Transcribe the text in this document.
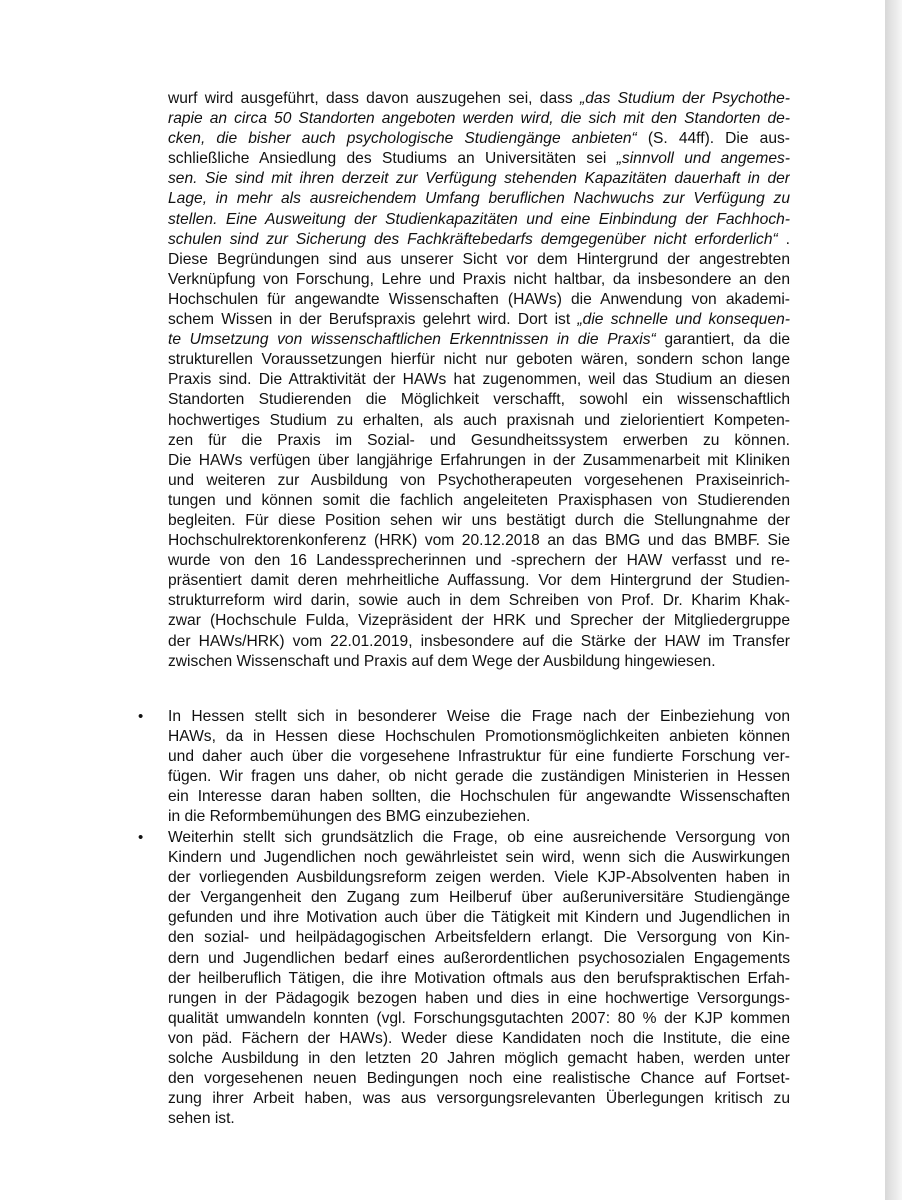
wurf wird ausgeführt, dass davon auszugehen sei, dass „das Studium der Psychothe-
rapie an circa 50 Standorten angeboten werden wird, die sich mit den Standorten de-
cken, die bisher auch psychologische Studiengänge anbieten“ (S. 44ff). Die aus-
schließliche Ansiedlung des Studiums an Universitäten sei „sinnvoll und angemes-
sen. Sie sind mit ihren derzeit zur Verfügung stehenden Kapazitäten dauerhaft in der
Lage, in mehr als ausreichendem Umfang beruflichen Nachwuchs zur Verfügung zu
stellen. Eine Ausweitung der Studienkapazitäten und eine Einbindung der Fachhoch-
schulen sind zur Sicherung des Fachkräftebedarfs demgegenüber nicht erforderlich“ .
Diese Begründungen sind aus unserer Sicht vor dem Hintergrund der angestrebten
Verknüpfung von Forschung, Lehre und Praxis nicht haltbar, da insbesondere an den
Hochschulen für angewandte Wissenschaften (HAWs) die Anwendung von akademi-
schem Wissen in der Berufspraxis gelehrt wird. Dort ist „die schnelle und konsequen-
te Umsetzung von wissenschaftlichen Erkenntnissen in die Praxis“ garantiert, da die
strukturellen Voraussetzungen hierfür nicht nur geboten wären, sondern schon lange
Praxis sind. Die Attraktivität der HAWs hat zugenommen, weil das Studium an diesen
Standorten Studierenden die Möglichkeit verschafft, sowohl ein wissenschaftlich
hochwertiges Studium zu erhalten, als auch praxisnah und zielorientiert Kompeten-
zen für die Praxis im Sozial- und Gesundheitssystem erwerben zu können.
Die HAWs verfügen über langjährige Erfahrungen in der Zusammenarbeit mit Kliniken
und weiteren zur Ausbildung von Psychotherapeuten vorgesehenen Praxiseinrich-
tungen und können somit die fachlich angeleiteten Praxisphasen von Studierenden
begleiten. Für diese Position sehen wir uns bestätigt durch die Stellungnahme der
Hochschulrektorenkonferenz (HRK) vom 20.12.2018 an das BMG und das BMBF. Sie
wurde von den 16 Landessprecherinnen und -sprechern der HAW verfasst und re-
präsentiert damit deren mehrheitliche Auffassung. Vor dem Hintergrund der Studien-
strukturreform wird darin, sowie auch in dem Schreiben von Prof. Dr. Kharim Khak-
zwar (Hochschule Fulda, Vizepräsident der HRK und Sprecher der Mitgliedergruppe
der HAWs/HRK) vom 22.01.2019, insbesondere auf die Stärke der HAW im Transfer
zwischen Wissenschaft und Praxis auf dem Wege der Ausbildung hingewiesen.
• In Hessen stellt sich in besonderer Weise die Frage nach der Einbeziehung von
HAWs, da in Hessen diese Hochschulen Promotionsmöglichkeiten anbieten können
und daher auch über die vorgesehene Infrastruktur für eine fundierte Forschung ver-
fügen. Wir fragen uns daher, ob nicht gerade die zuständigen Ministerien in Hessen
ein Interesse daran haben sollten, die Hochschulen für angewandte Wissenschaften
in die Reformbemühungen des BMG einzubeziehen.
• Weiterhin stellt sich grundsätzlich die Frage, ob eine ausreichende Versorgung von
Kindern und Jugendlichen noch gewährleistet sein wird, wenn sich die Auswirkungen
der vorliegenden Ausbildungsreform zeigen werden. Viele KJP-Absolventen haben in
der Vergangenheit den Zugang zum Heilberuf über außeruniversitäre Studiengänge
gefunden und ihre Motivation auch über die Tätigkeit mit Kindern und Jugendlichen in
den sozial- und heilpädagogischen Arbeitsfeldern erlangt. Die Versorgung von Kin-
dern und Jugendlichen bedarf eines außerordentlichen psychosozialen Engagements
der heilberuflich Tätigen, die ihre Motivation oftmals aus den berufspraktischen Erfah-
rungen in der Pädagogik bezogen haben und dies in eine hochwertige Versorgungs-
qualität umwandeln konnten (vgl. Forschungsgutachten 2007: 80 % der KJP kommen
von päd. Fächern der HAWs). Weder diese Kandidaten noch die Institute, die eine
solche Ausbildung in den letzten 20 Jahren möglich gemacht haben, werden unter
den vorgesehenen neuen Bedingungen noch eine realistische Chance auf Fortset-
zung ihrer Arbeit haben, was aus versorgungsrelevanten Überlegungen kritisch zu
sehen ist.
